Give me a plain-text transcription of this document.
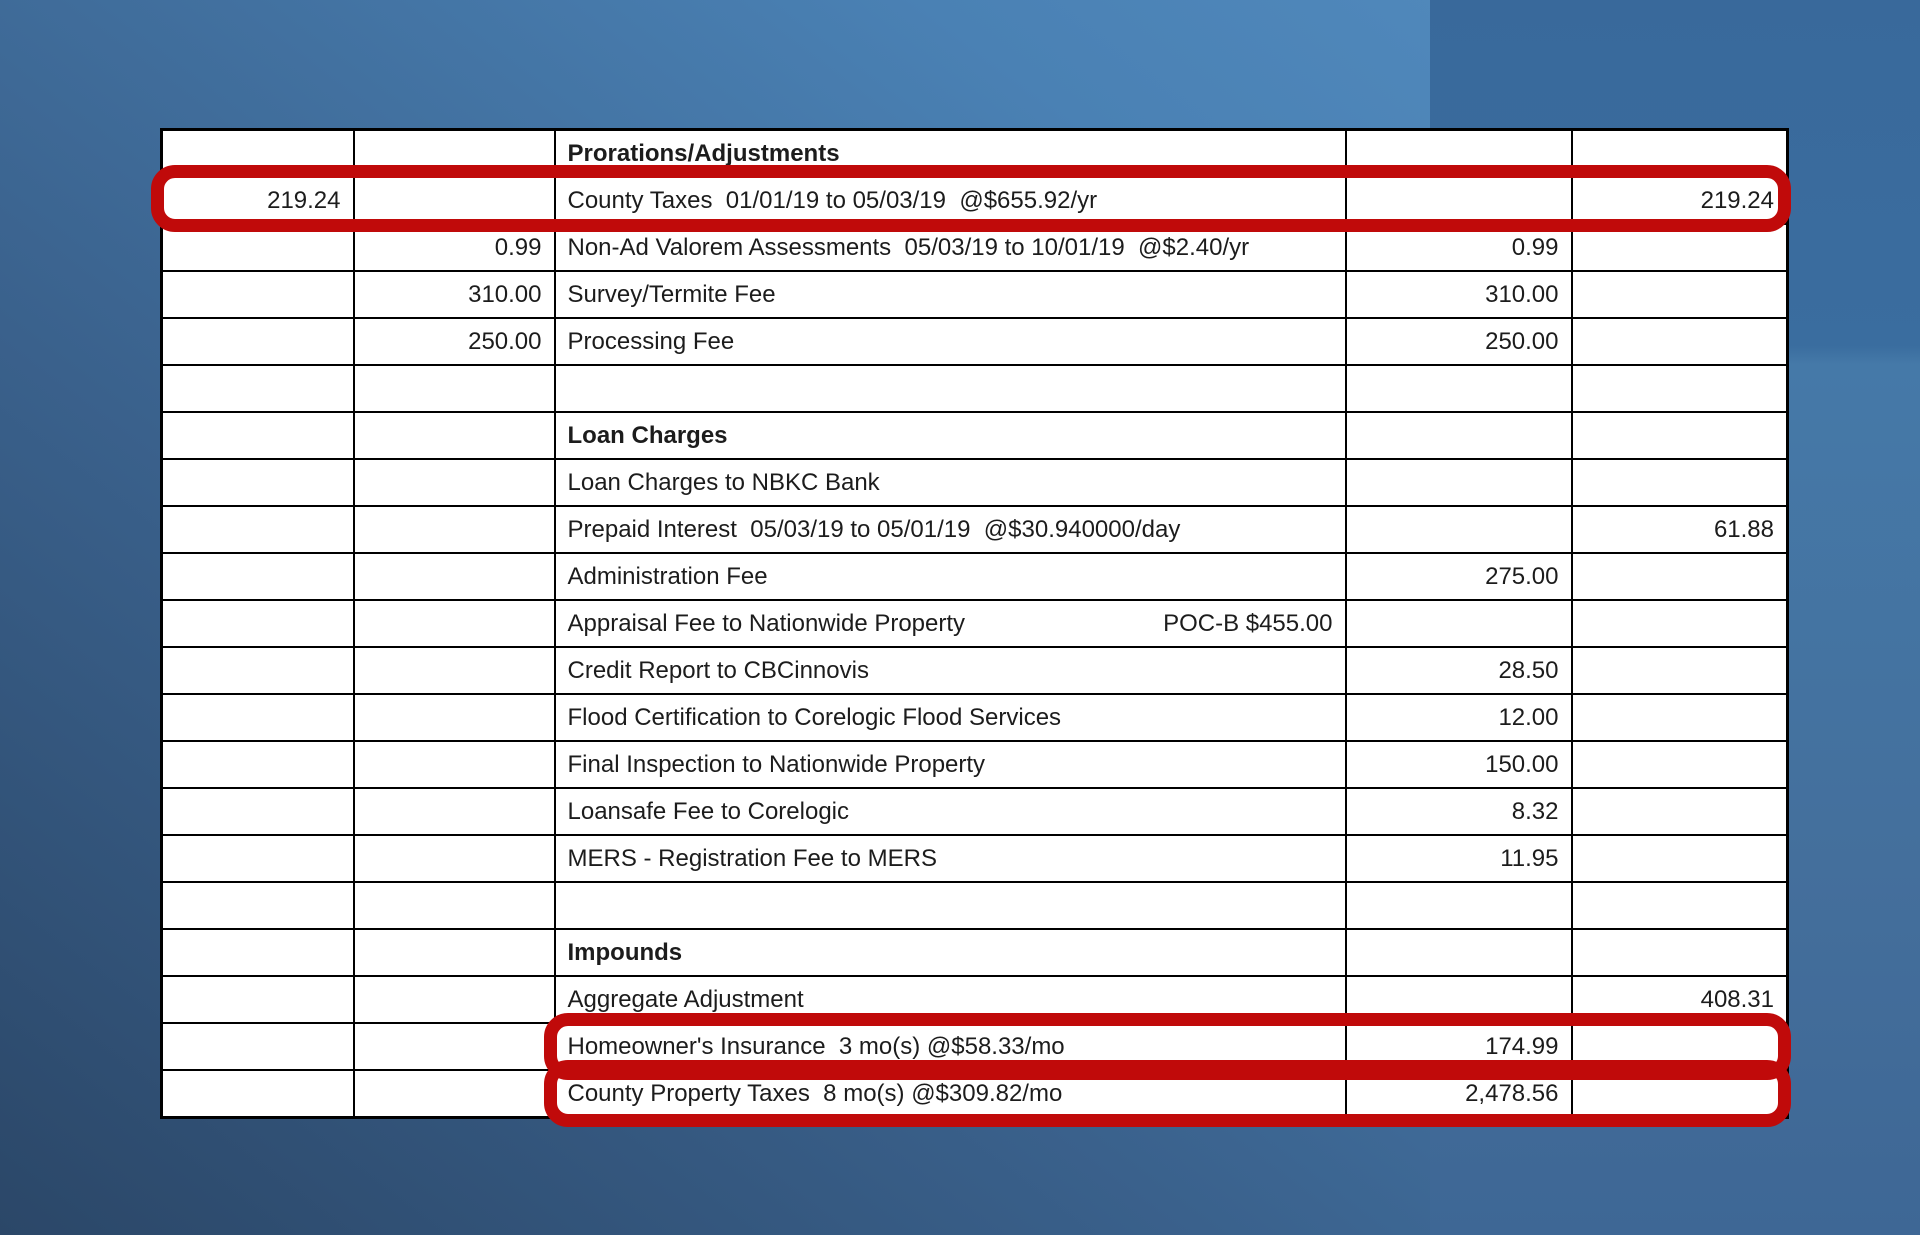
		Prorations/Adjustments		
219.24		County Taxes  01/01/19 to 05/03/19  @$655.92/yr		219.24
	0.99	Non-Ad Valorem Assessments  05/03/19 to 10/01/19  @$2.40/yr	0.99	
	310.00	Survey/Termite Fee	310.00	
	250.00	Processing Fee	250.00	

		Loan Charges		
		Loan Charges to NBKC Bank		
		Prepaid Interest  05/03/19 to 05/01/19  @$30.940000/day		61.88
		Administration Fee	275.00	

		Appraisal Fee to Nationwide Property POC-B $455.00		

		Credit Report to CBCinnovis	28.50	
		Flood Certification to Corelogic Flood Services	12.00	
		Final Inspection to Nationwide Property	150.00	
		Loansafe Fee to Corelogic	8.32	
		MERS - Registration Fee to MERS	11.95	

		Impounds		
		Aggregate Adjustment		408.31
		Homeowner's Insurance  3 mo(s) @$58.33/mo	174.99	
		County Property Taxes  8 mo(s) @$309.82/mo	2,478.56	
